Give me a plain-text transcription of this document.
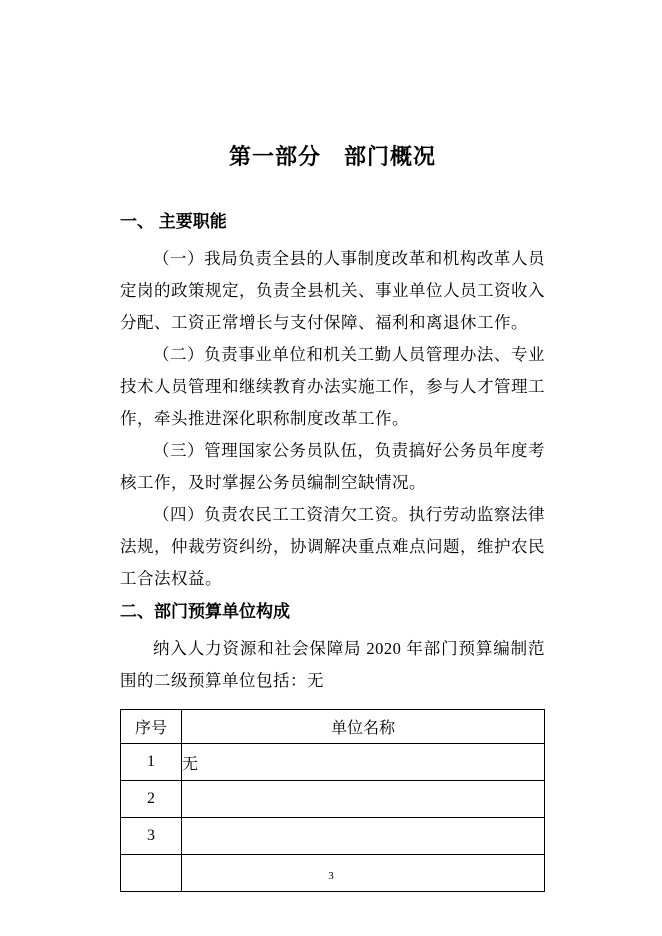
第一部分　部门概况
一、 主要职能

（一）我局负责全县的人事制度改革和机构改革人员定岗的政策规定，负责全县机关、事业单位人员工资收入分配、工资正常增长与支付保障、福利和离退休工作。

（二）负责事业单位和机关工勤人员管理办法、专业技术人员管理和继续教育办法实施工作，参与人才管理工作，牵头推进深化职称制度改革工作。

（三）管理国家公务员队伍，负责搞好公务员年度考核工作，及时掌握公务员编制空缺情况。

（四）负责农民工工资清欠工资。执行劳动监察法律法规，仲裁劳资纠纷，协调解决重点难点问题，维护农民工合法权益。

二、部门预算单位构成

纳入人力资源和社会保障局 2020 年部门预算编制范围的二级预算单位包括：无

序号	单位名称
1	无
2	
3	

3
